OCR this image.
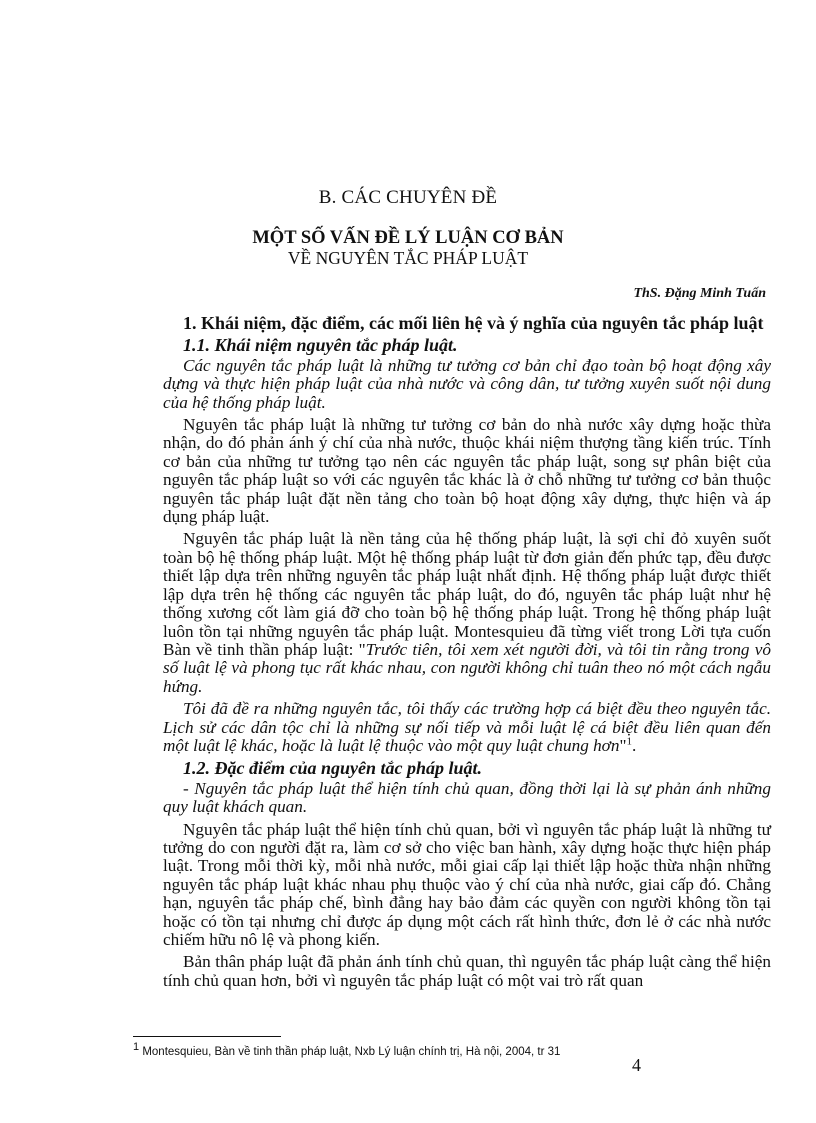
B. CÁC CHUYÊN ĐỀ
MỘT SỐ VẤN ĐỀ LÝ LUẬN CƠ BẢN
VỀ NGUYÊN TẮC PHÁP LUẬT
ThS. Đặng Minh Tuấn

1. Khái niệm, đặc điểm, các mối liên hệ và ý nghĩa của nguyên tắc pháp luật

1.1. Khái niệm nguyên tắc pháp luật.

Các nguyên tắc pháp luật là những tư tưởng cơ bản chỉ đạo toàn bộ hoạt động xây dựng và thực hiện pháp luật của nhà nước và công dân, tư tưởng xuyên suốt nội dung của hệ thống pháp luật.

Nguyên tắc pháp luật là những tư tưởng cơ bản do nhà nước xây dựng hoặc thừa nhận, do đó phản ánh ý chí của nhà nước, thuộc khái niệm thượng tầng kiến trúc. Tính cơ bản của những tư tưởng tạo nên các nguyên tắc pháp luật, song sự phân biệt của nguyên tắc pháp luật so với các nguyên tắc khác là ở chỗ những tư tưởng cơ bản thuộc nguyên tắc pháp luật đặt nền tảng cho toàn bộ hoạt động xây dựng, thực hiện và áp dụng pháp luật.

Nguyên tắc pháp luật là nền tảng của hệ thống pháp luật, là sợi chỉ đỏ xuyên suốt toàn bộ hệ thống pháp luật. Một hệ thống pháp luật từ đơn giản đến phức tạp, đều được thiết lập dựa trên những nguyên tắc pháp luật nhất định. Hệ thống pháp luật được thiết lập dựa trên hệ thống các nguyên tắc pháp luật, do đó, nguyên tắc pháp luật như hệ thống xương cốt làm giá đỡ cho toàn bộ hệ thống pháp luật. Trong hệ thống pháp luật luôn tồn tại những nguyên tắc pháp luật. Montesquieu đã từng viết trong Lời tựa cuốn Bàn về tinh thần pháp luật: "Trước tiên, tôi xem xét người đời, và tôi tin rằng trong vô số luật lệ và phong tục rất khác nhau, con người không chỉ tuân theo nó một cách ngẫu hứng.

Tôi đã đề ra những nguyên tắc, tôi thấy các trường hợp cá biệt đều theo nguyên tắc. Lịch sử các dân tộc chỉ là những sự nối tiếp và mỗi luật lệ cá biệt đều liên quan đến một luật lệ khác, hoặc là luật lệ thuộc vào một quy luật chung hơn"$^1$.

1.2. Đặc điểm của nguyên tắc pháp luật.

- Nguyên tắc pháp luật thể hiện tính chủ quan, đồng thời lại là sự phản ánh những quy luật khách quan.

Nguyên tắc pháp luật thể hiện tính chủ quan, bởi vì nguyên tắc pháp luật là những tư tưởng do con người đặt ra, làm cơ sở cho việc ban hành, xây dựng hoặc thực hiện pháp luật. Trong mỗi thời kỳ, mỗi nhà nước, mỗi giai cấp lại thiết lập hoặc thừa nhận những nguyên tắc pháp luật khác nhau phụ thuộc vào ý chí của nhà nước, giai cấp đó. Chẳng hạn, nguyên tắc pháp chế, bình đẳng hay bảo đảm các quyền con người không tồn tại hoặc có tồn tại nhưng chỉ được áp dụng một cách rất hình thức, đơn lẻ ở các nhà nước chiếm hữu nô lệ và phong kiến.

Bản thân pháp luật đã phản ánh tính chủ quan, thì nguyên tắc pháp luật càng thể hiện tính chủ quan hơn, bởi vì nguyên tắc pháp luật có một vai trò rất quan

$^1$ Montesquieu, Bàn về tinh thần pháp luật, Nxb Lý luận chính trị, Hà nội, 2004, tr 31
4
